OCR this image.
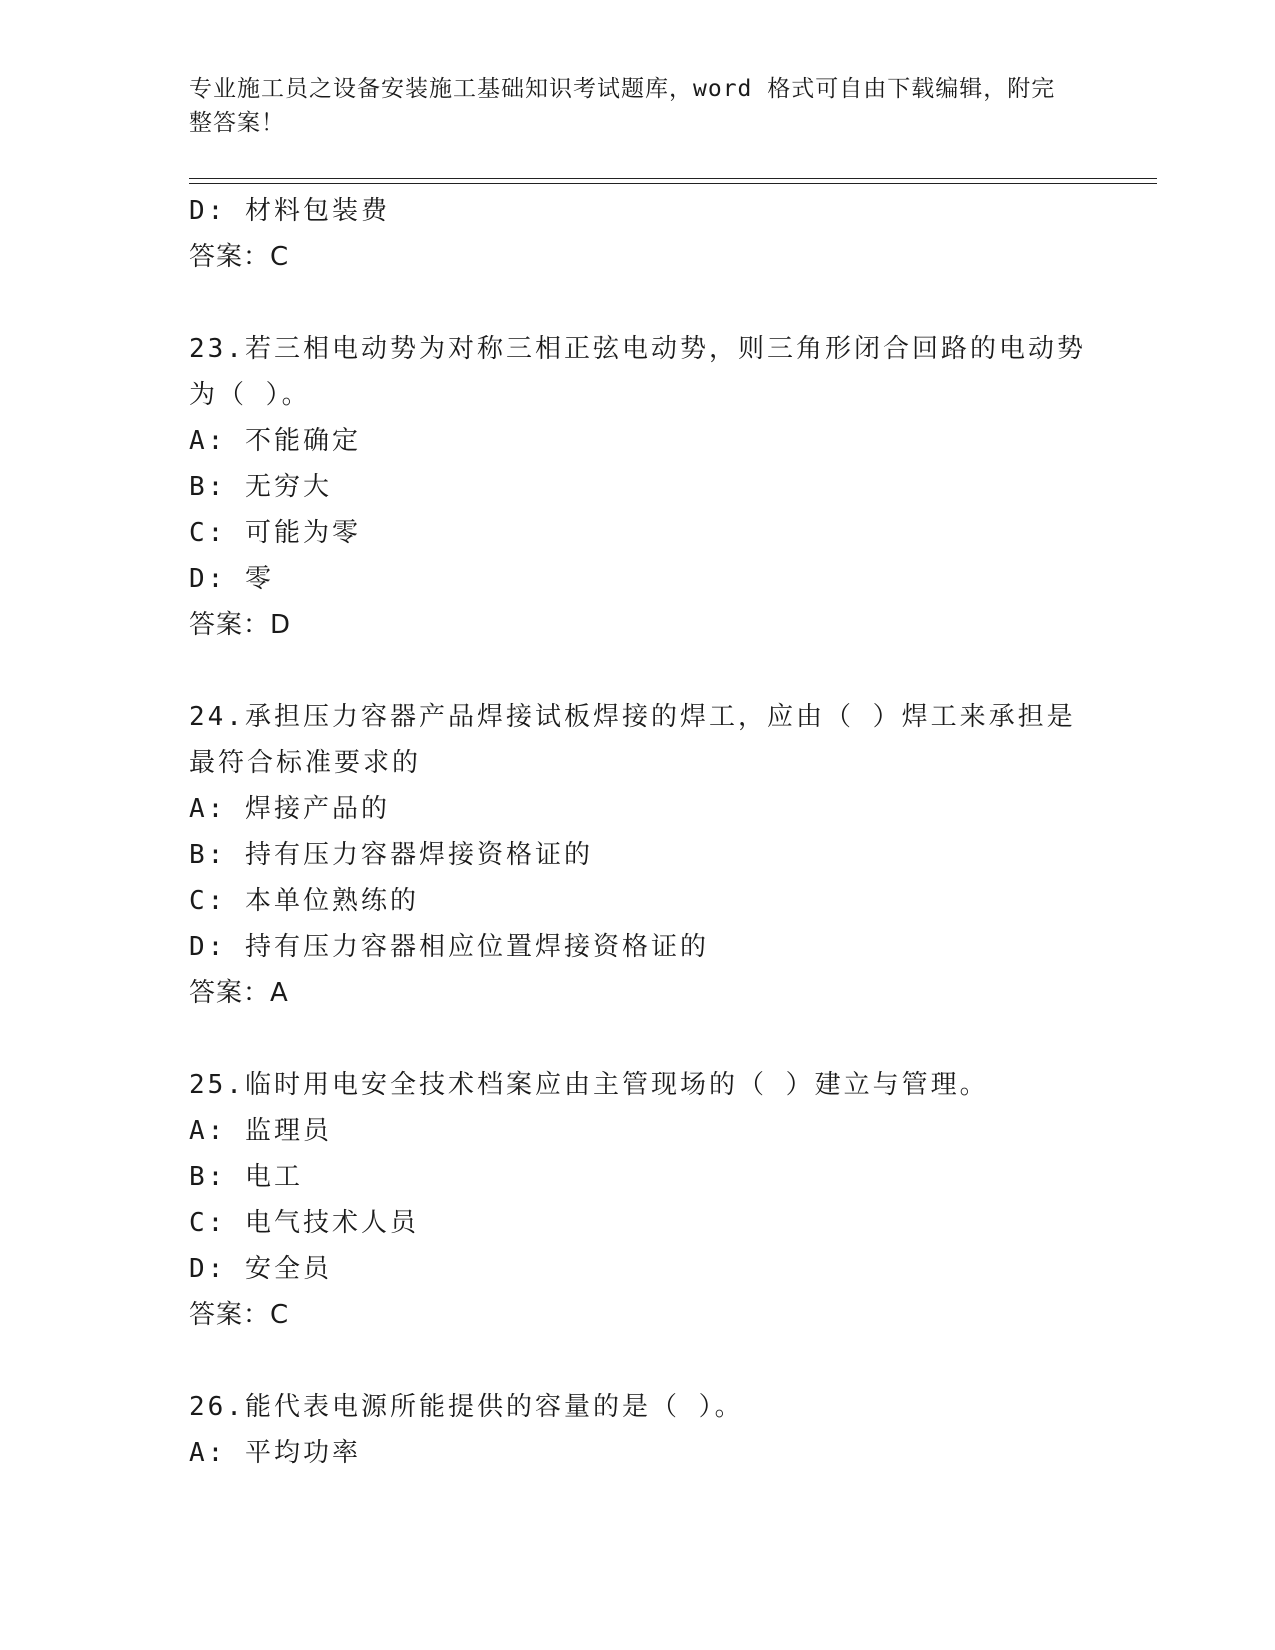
专业施工员之设备安装施工基础知识考试题库，word 格式可自由下载编辑，附完
整答案！
D: 材料包装费
答案：C
23.若三相电动势为对称三相正弦电动势，则三角形闭合回路的电动势
为（ ）。
A: 不能确定
B: 无穷大
C: 可能为零
D: 零
答案：D
24.承担压力容器产品焊接试板焊接的焊工，应由（ ）焊工来承担是
最符合标准要求的
A: 焊接产品的
B: 持有压力容器焊接资格证的
C: 本单位熟练的
D: 持有压力容器相应位置焊接资格证的
答案：A
25.临时用电安全技术档案应由主管现场的（ ）建立与管理。
A: 监理员
B: 电工
C: 电气技术人员
D: 安全员
答案：C
26.能代表电源所能提供的容量的是（ ）。
A: 平均功率
